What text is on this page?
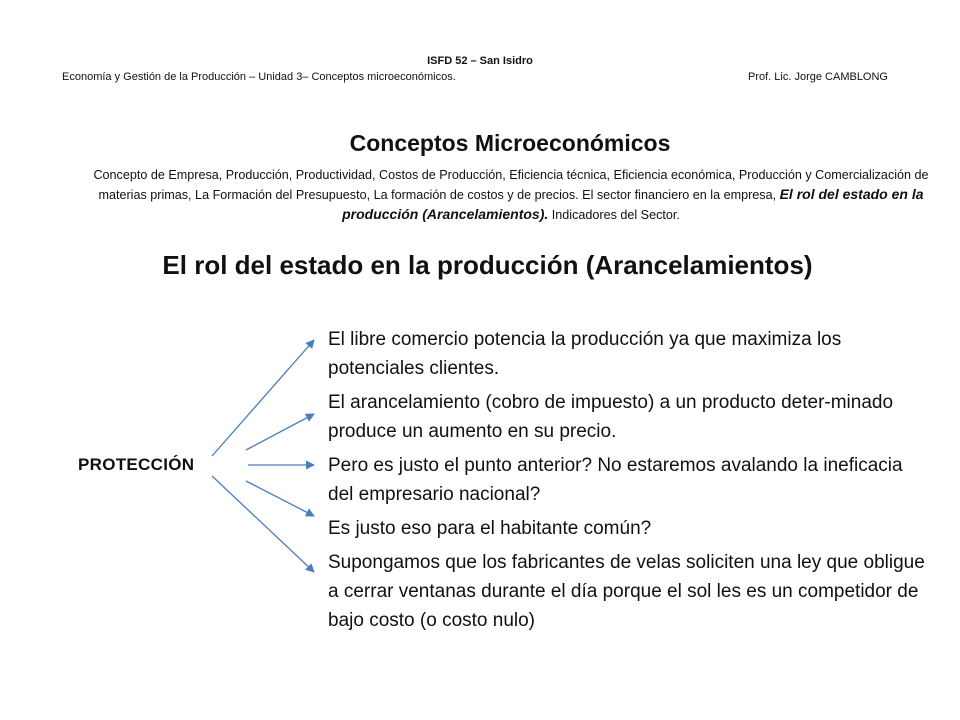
ISFD 52 – San Isidro
Economía y Gestión de la Producción – Unidad 3– Conceptos microeconómicos.	Prof. Lic. Jorge CAMBLONG
Conceptos Microeconómicos
Concepto de Empresa, Producción, Productividad, Costos de Producción, Eficiencia técnica, Eficiencia económica, Producción y Comercialización de materias primas, La Formación del Presupuesto, La formación de costos y de precios. El sector financiero en la empresa, El rol del estado en la producción (Arancelamientos). Indicadores del Sector.
El rol del estado en la producción (Arancelamientos)
PROTECCIÓN

El libre comercio potencia la producción ya que maximiza los potenciales clientes.

El arancelamiento (cobro de impuesto) a un producto deter-minado produce un aumento en su precio.

Pero es justo el punto anterior? No estaremos avalando la ineficacia del empresario nacional?

Es justo eso para el habitante común?

Supongamos que los fabricantes de velas soliciten una ley que obligue a cerrar ventanas durante el día porque el sol les es un competidor de bajo costo (o costo nulo)
